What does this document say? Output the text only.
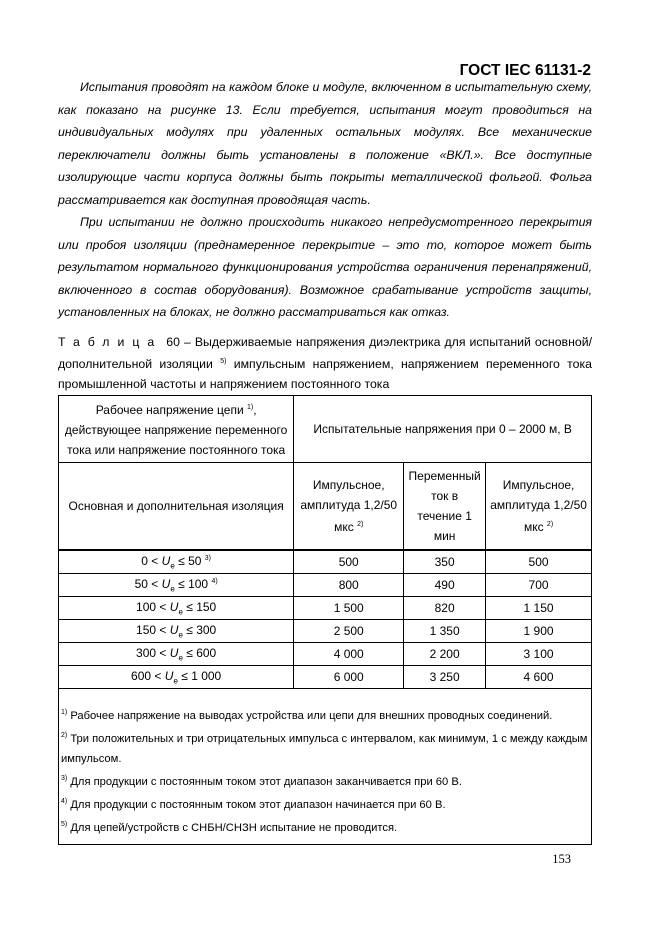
ГОСТ IEC 61131-2

Испытания проводят на каждом блоке и модуле, включенном в испытательную схему, как показано на рисунке 13. Если требуется, испытания могут проводиться на индивидуальных модулях при удаленных остальных модулях. Все механические переключатели должны быть установлены в положение «ВКЛ.». Все доступные изолирующие части корпуса должны быть покрыты металлической фольгой. Фольга рассматривается как доступная проводящая часть.

При испытании не должно происходить никакого непредусмотренного перекрытия или пробоя изоляции (преднамеренное перекрытие – это то, которое может быть результатом нормального функционирования устройства ограничения перенапряжений, включенного в состав оборудования). Возможное срабатывание устройств защиты, установленных на блоках, не должно рассматриваться как отказ.

Таблица 60 – Выдерживаемые напряжения диэлектрика для испытаний основной/дополнительной изоляции $^{5)}$ импульсным напряжением, напряжением переменного тока промышленной частоты и напряжением постоянного тока
Рабочее напряжение цепи $^{1)}$, действующее напряжение переменного тока или напряжение постоянного тока	Испытательные напряжения при 0 – 2000 м, В		
Основная и дополнительная изоляция	Импульсное, амплитуда 1,2/50 мкс $^{2)}$	Переменный ток в течение 1 мин	Импульсное, амплитуда 1,2/50 мкс $^{2)}$
$0 < U_e \le 50$ $^{3)}$	500	350	500
$50 < U_e \le 100$ $^{4)}$	800	490	700
$100 < U_e \le 150$	1 500	820	1 150
$150 < U_e \le 300$	2 500	1 350	1 900
$300 < U_e \le 600$	4 000	2 200	3 100
$600 < U_e \le 1$ 000	6 000	3 250	4 600

$^{1)}$ Рабочее напряжение на выводах устройства или цепи для внешних проводных соединений.
$^{2)}$ Три положительных и три отрицательных импульса с интервалом, как минимум, 1 с между каждым импульсом.
$^{3)}$ Для продукции с постоянным током этот диапазон заканчивается при 60 В.
$^{4)}$ Для продукции с постоянным током этот диапазон начинается при 60 В.
$^{5)}$ Для цепей/устройств с СНБН/СНЗН испытание не проводится.			
153
